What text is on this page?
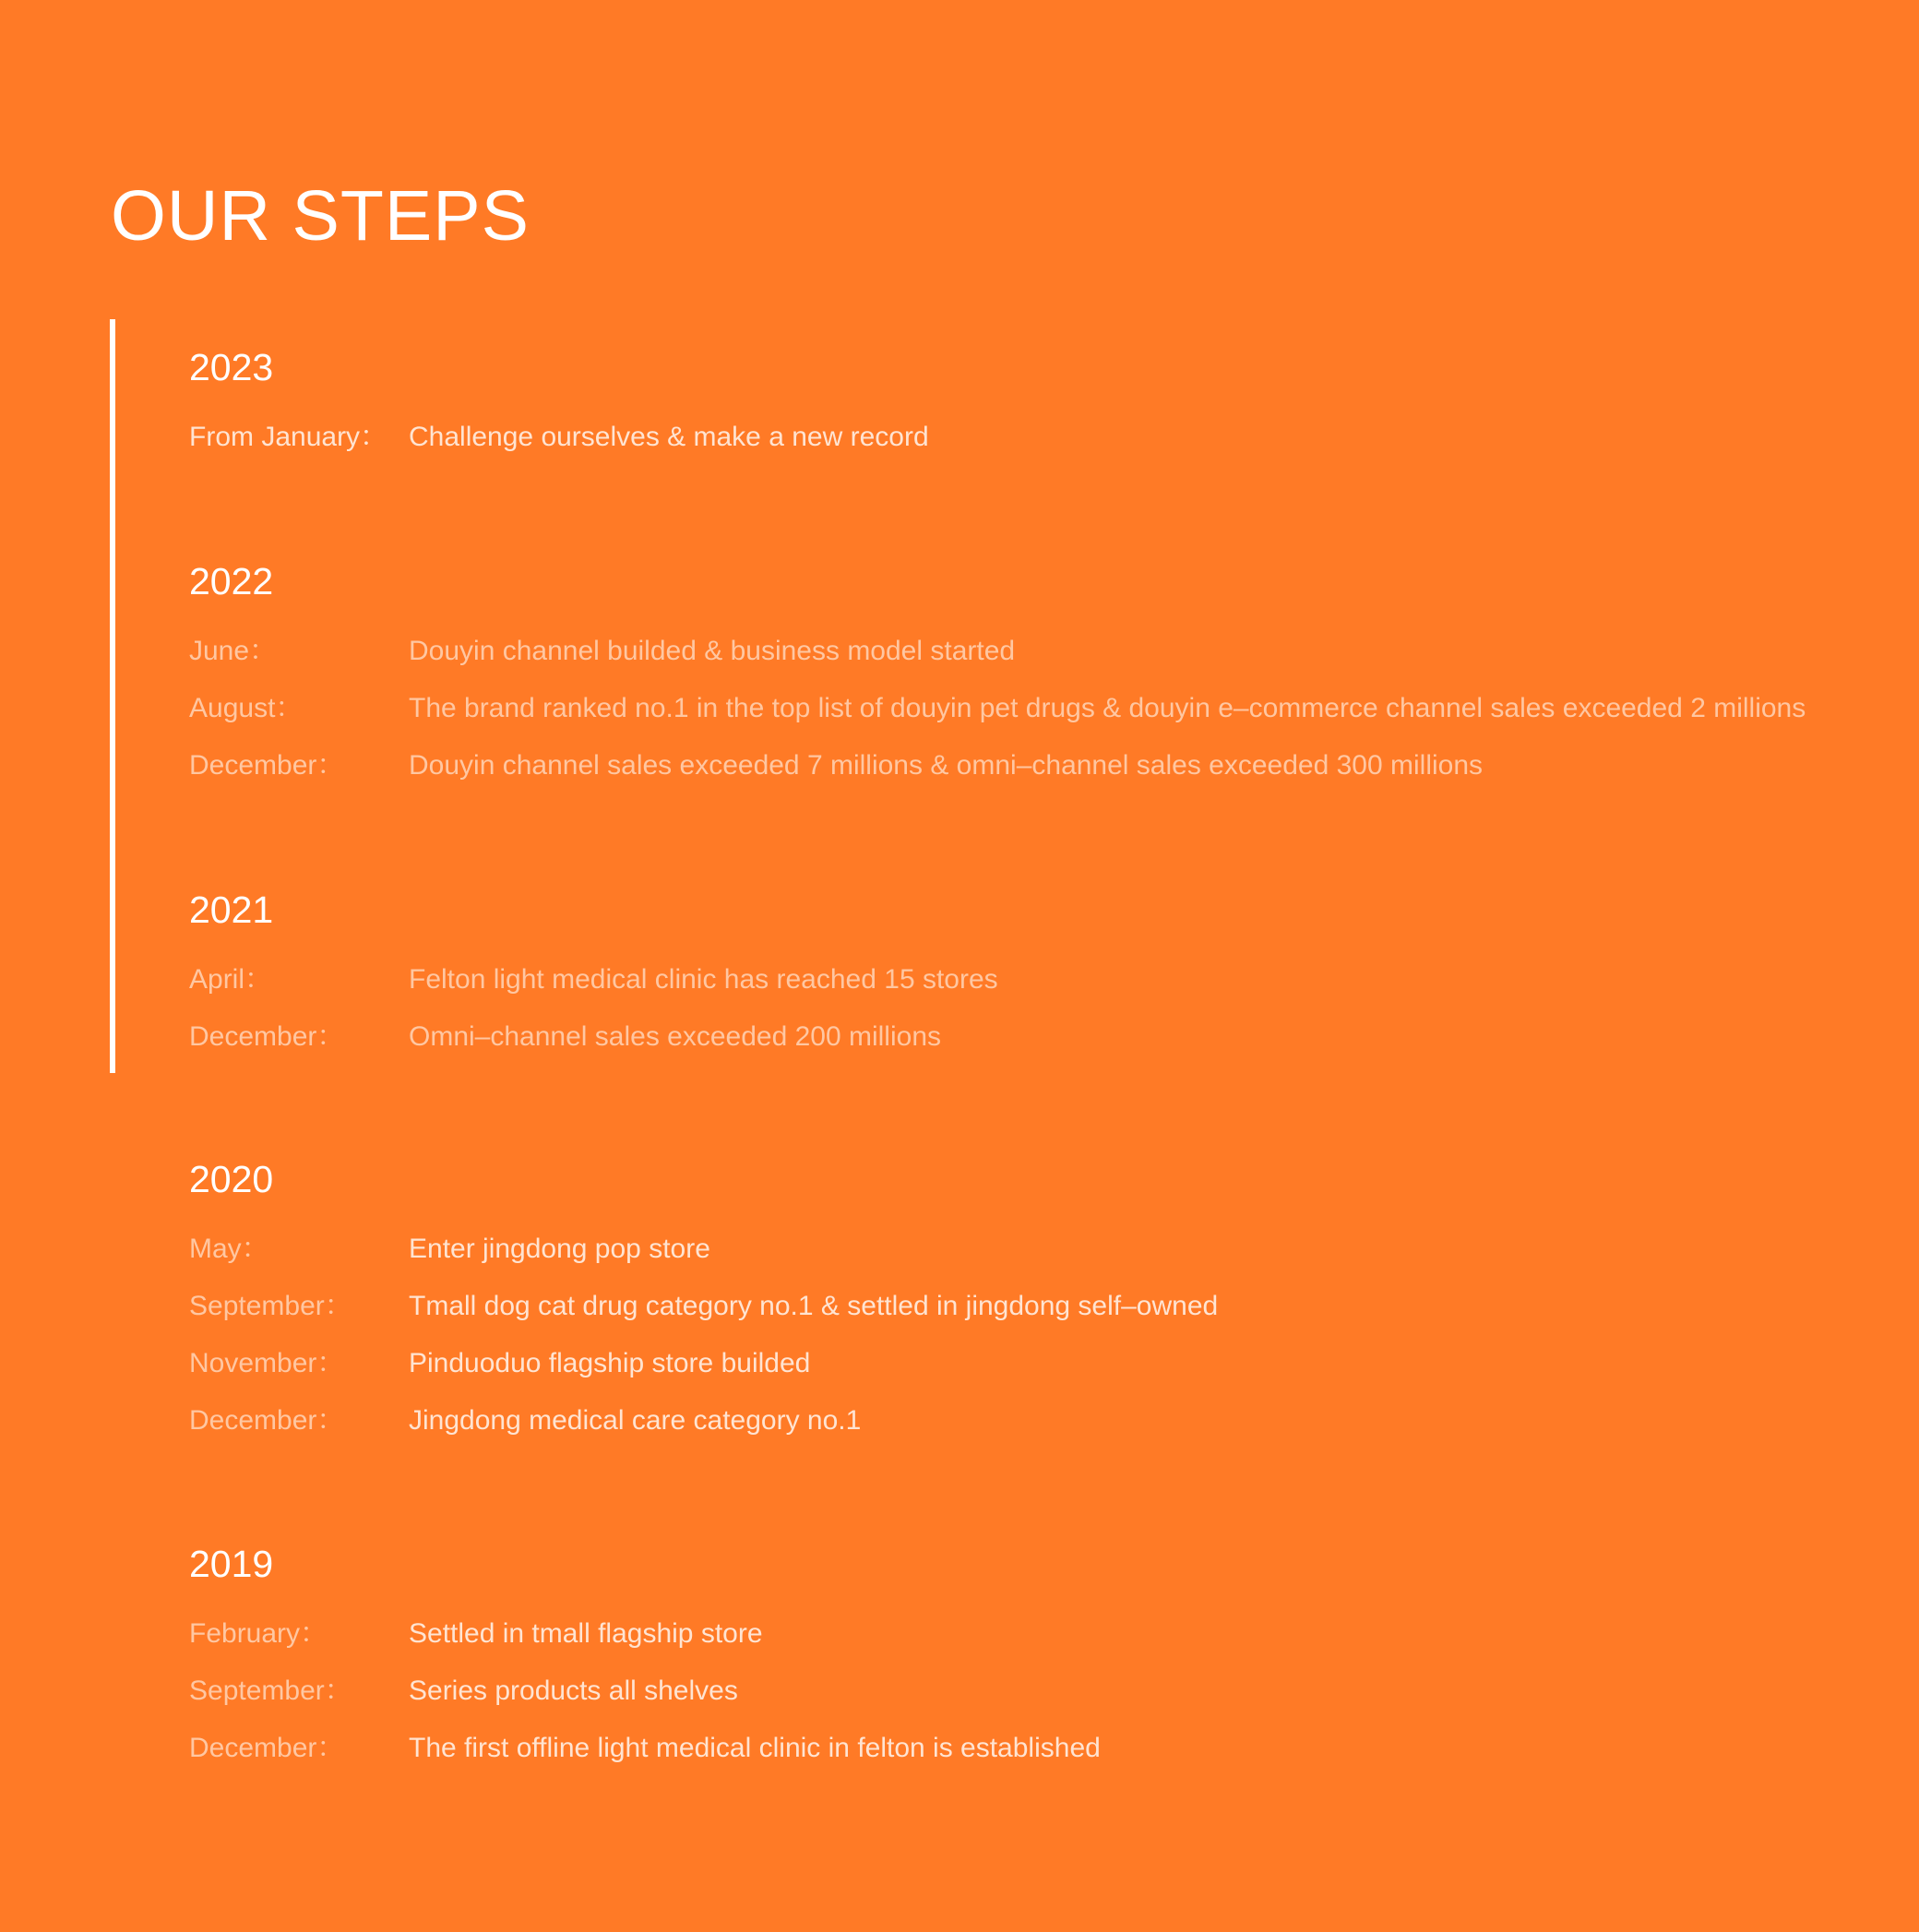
OUR STEPS
2023
From January： Challenge ourselves & make a new record
2022
June：	Douyin channel builded & business model started
August：	The brand ranked no.1 in the top list of douyin pet drugs & douyin e–commerce channel sales exceeded 2 millions
December：	Douyin channel sales exceeded 7 millions & omni–channel sales exceeded 300 millions
2021
April：	Felton light medical clinic has reached 15 stores
December：	Omni–channel sales exceeded 200 millions
2020
May：	Enter jingdong pop store
September：	Tmall dog cat drug category no.1 & settled in jingdong self–owned
November：	Pinduoduo flagship store builded
December：	Jingdong medical care category no.1
2019
February：	Settled in tmall flagship store
September：	Series products all shelves
December：	The first offline light medical clinic in felton is established
